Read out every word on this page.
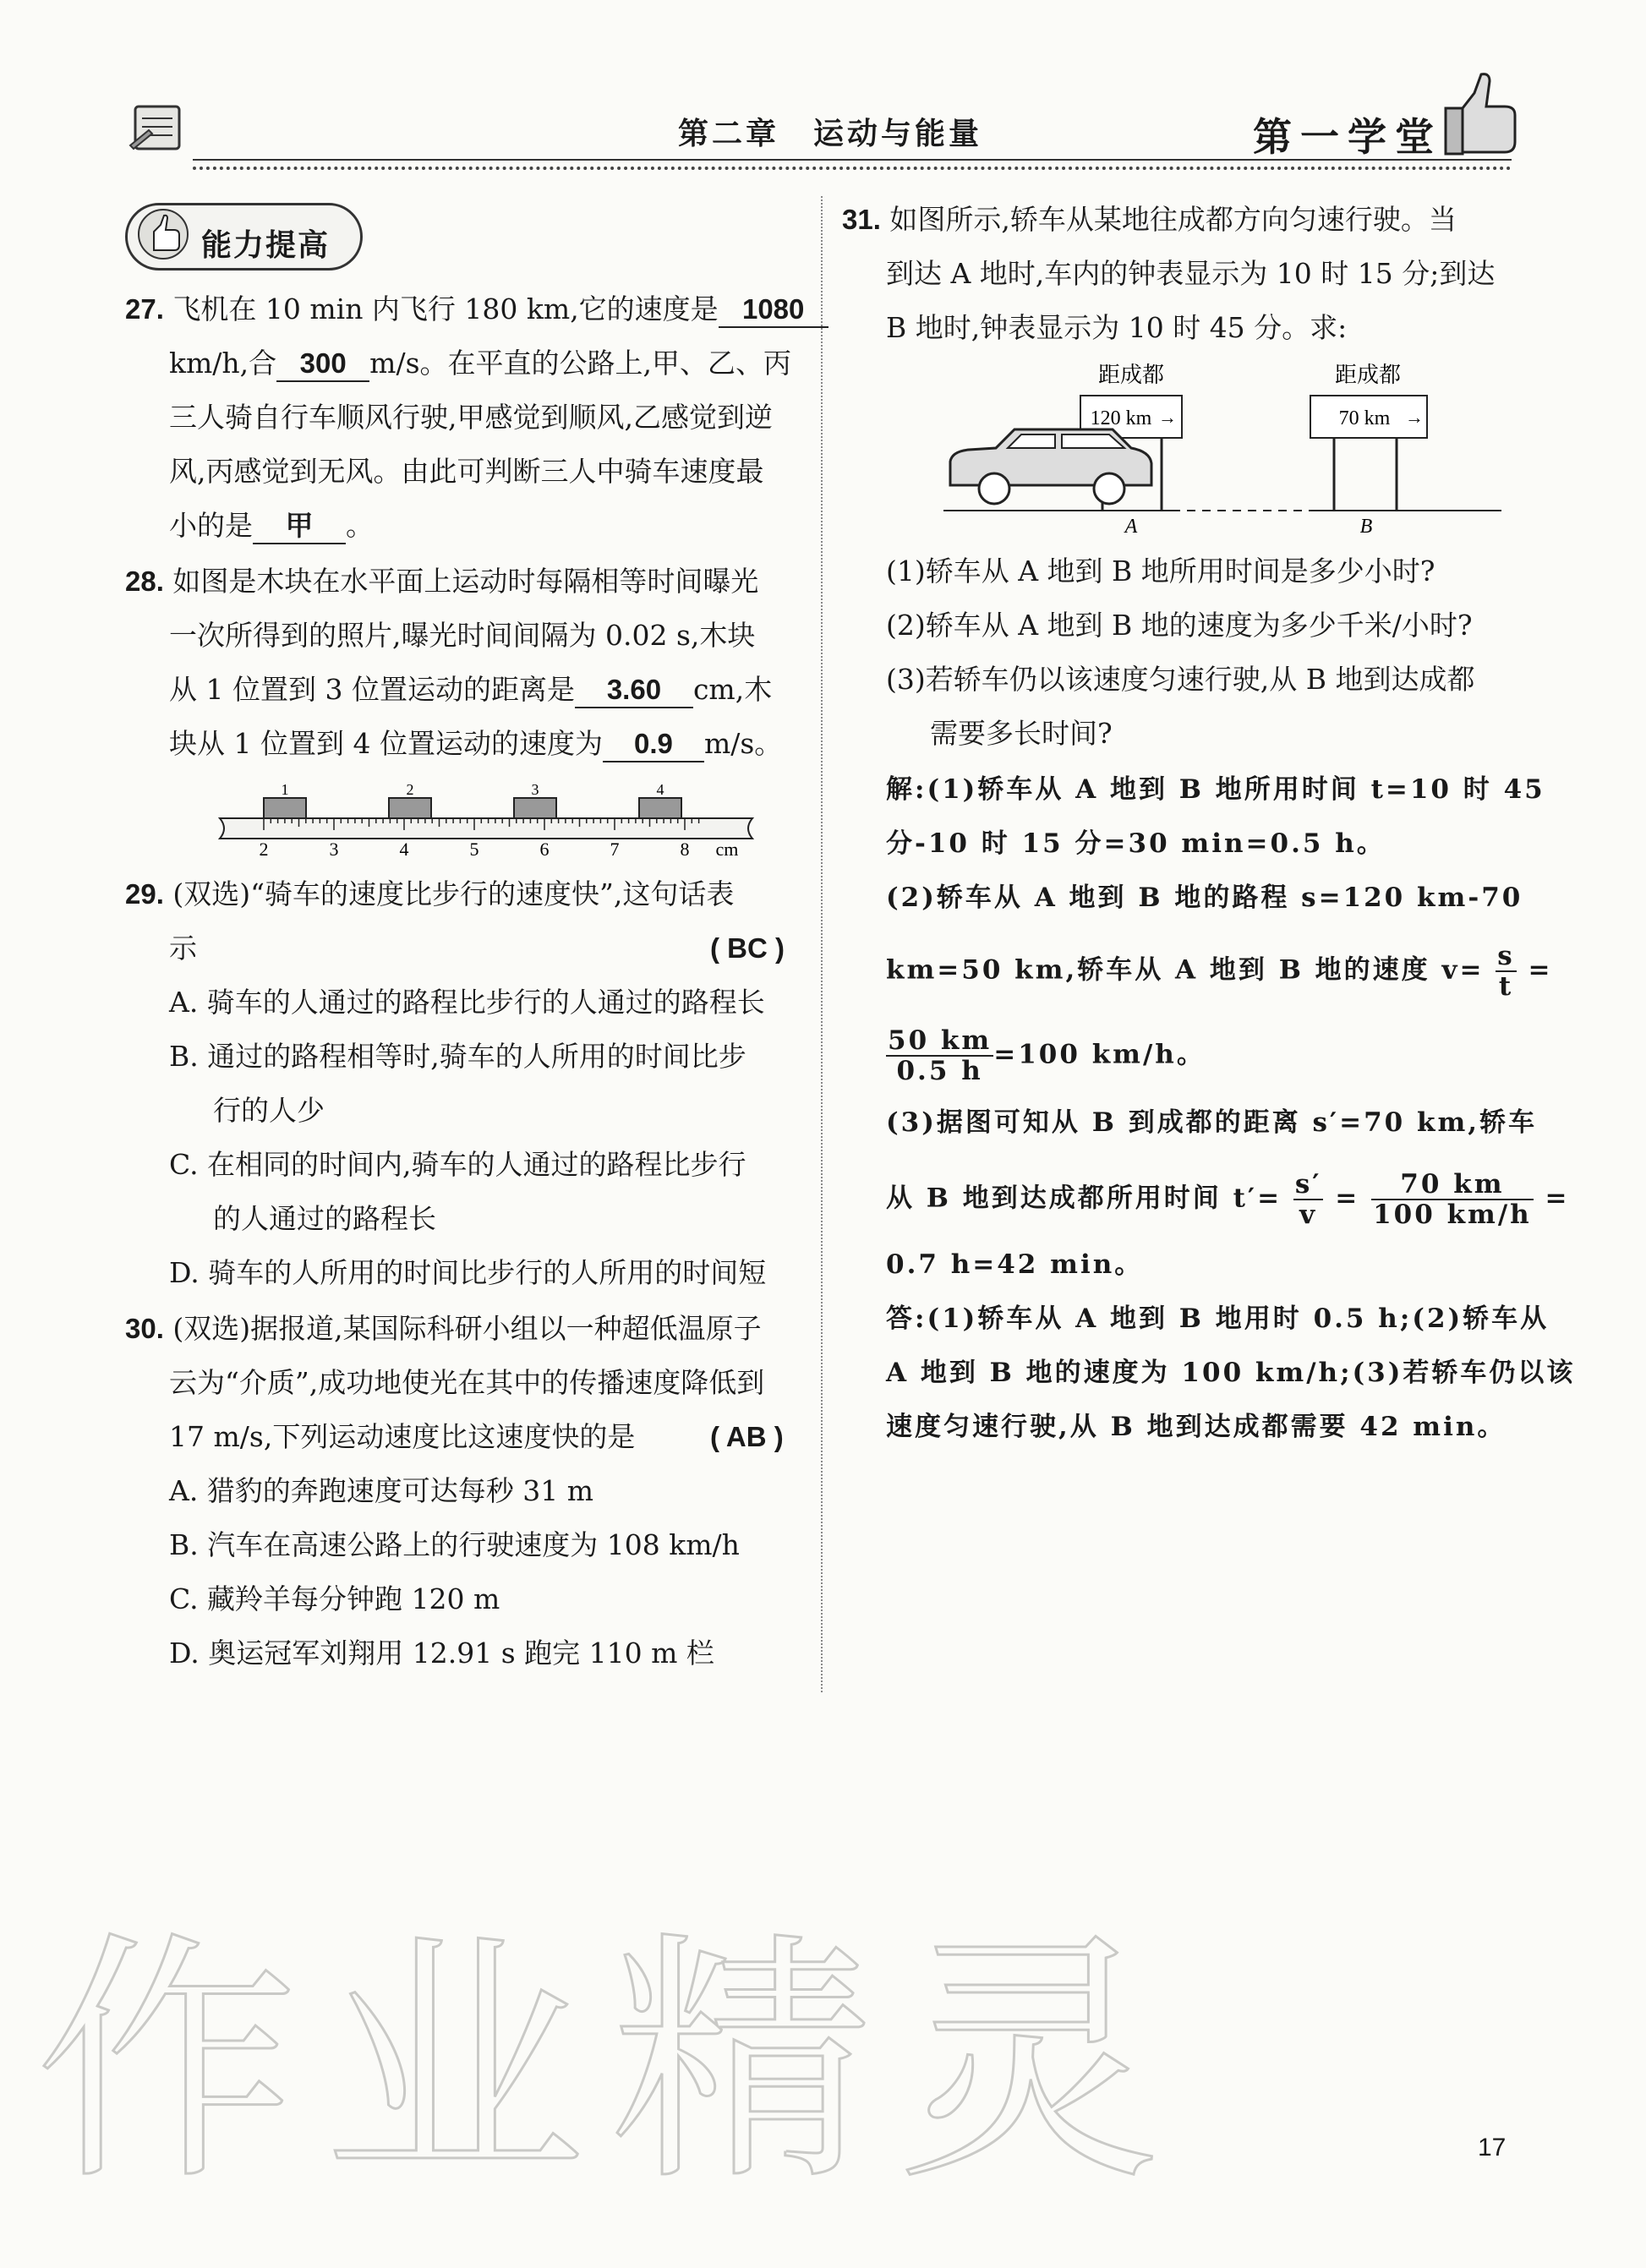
第二章　运动与能量	第一学堂
能力提高
27. 飞机在 10 min 内飞行 180 km,它的速度是 1080
km/h,合 300 m/s。在平直的公路上,甲、乙、丙
三人骑自行车顺风行驶,甲感觉到顺风,乙感觉到逆
风,丙感觉到无风。由此可判断三人中骑车速度最
小的是 甲 。
28. 如图是木块在水平面上运动时每隔相等时间曝光
一次所得到的照片,曝光时间间隔为 0.02 s,木块
从 1 位置到 3 位置运动的距离是 3.60 cm,木
块从 1 位置到 4 位置运动的速度为 0.9 m/s。
1	2	3	4
2	3	4	5	6	7	8 cm
29. (双选)“骑车的速度比步行的速度快”,这句话表
示	( BC )
A. 骑车的人通过的路程比步行的人通过的路程长
B. 通过的路程相等时,骑车的人所用的时间比步
行的人少
C. 在相同的时间内,骑车的人通过的路程比步行
的人通过的路程长
D. 骑车的人所用的时间比步行的人所用的时间短
30. (双选)据报道,某国际科研小组以一种超低温原子
云为“介质”,成功地使光在其中的传播速度降低到
17 m/s,下列运动速度比这速度快的是	( AB )
A. 猎豹的奔跑速度可达每秒 31 m
B. 汽车在高速公路上的行驶速度为 108 km/h
C. 藏羚羊每分钟跑 120 m
D. 奥运冠军刘翔用 12.91 s 跑完 110 m 栏
31. 如图所示,轿车从某地往成都方向匀速行驶。当
到达 A 地时,车内的钟表显示为 10 时 15 分;到达
B 地时,钟表显示为 10 时 45 分。求:
距成都
120 km →
距成都
70 km →
A	B
(1)轿车从 A 地到 B 地所用时间是多少小时?
(2)轿车从 A 地到 B 地的速度为多少千米/小时?
(3)若轿车仍以该速度匀速行驶,从 B 地到达成都
需要多长时间?
解:(1)轿车从 A 地到 B 地所用时间 t=10 时 45
分-10 时 15 分=30 min=0.5 h。
(2)轿车从 A 地到 B 地的路程 s=120 km-70
km=50 km,轿车从 A 地到 B 地的速度 $v= \frac{s}{t}$ =
$\frac{50 km}{0.5 h} =100$ km/h。
(3)据图可知从 B 到成都的距离 s′=70 km,轿车
从 B 地到达成都所用时间 $t'= \frac{s'}{v} = \frac{70 km}{100 km/h}$ =
0.7 h=42 min。
答:(1)轿车从 A 地到 B 地用时 0.5 h;(2)轿车从
A 地到 B 地的速度为 100 km/h;(3)若轿车仍以该
速度匀速行驶,从 B 地到达成都需要 42 min。
作业精灵	17
